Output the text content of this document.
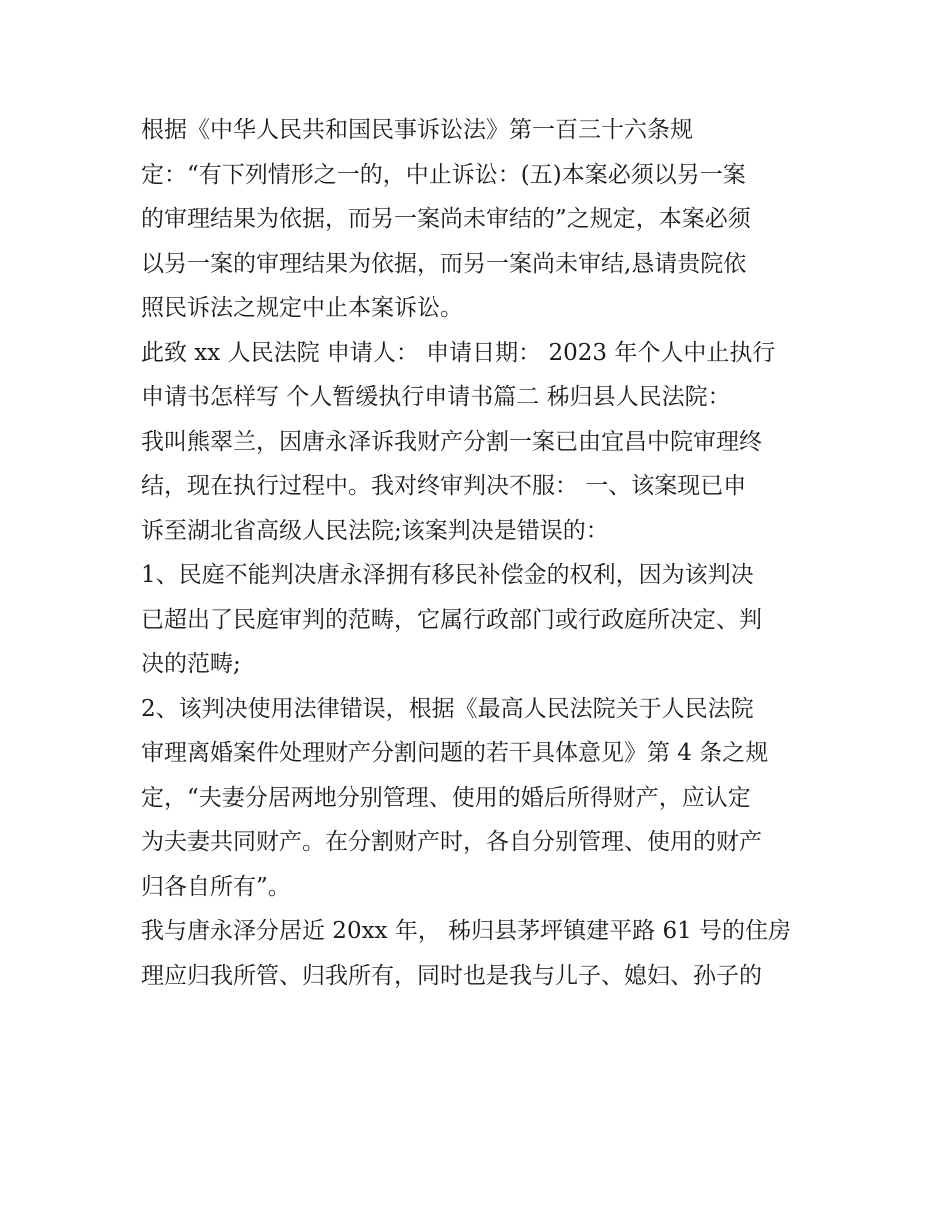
根据《中华人民共和国民事诉讼法》第一百三十六条规
定：“有下列情形之一的，中止诉讼：(五)本案必须以另一案
的审理结果为依据，而另一案尚未审结的”之规定，本案必须
以另一案的审理结果为依据，而另一案尚未审结,恳请贵院依
照民诉法之规定中止本案诉讼。
此致 xx 人民法院 申请人： 申请日期： 2023 年个人中止执行
申请书怎样写 个人暂缓执行申请书篇二 秭归县人民法院：
我叫熊翠兰，因唐永泽诉我财产分割一案已由宜昌中院审理终
结，现在执行过程中。我对终审判决不服： 一、该案现已申
诉至湖北省高级人民法院;该案判决是错误的：
1、民庭不能判决唐永泽拥有移民补偿金的权利，因为该判决
已超出了民庭审判的范畴，它属行政部门或行政庭所决定、判
决的范畴;
2、该判决使用法律错误，根据《最高人民法院关于人民法院
审理离婚案件处理财产分割问题的若干具体意见》第 4 条之规
定，“夫妻分居两地分别管理、使用的婚后所得财产，应认定
为夫妻共同财产。在分割财产时，各自分别管理、使用的财产
归各自所有”。
我与唐永泽分居近 20xx 年， 秭归县茅坪镇建平路 61 号的住房
理应归我所管、归我所有，同时也是我与儿子、媳妇、孙子的
